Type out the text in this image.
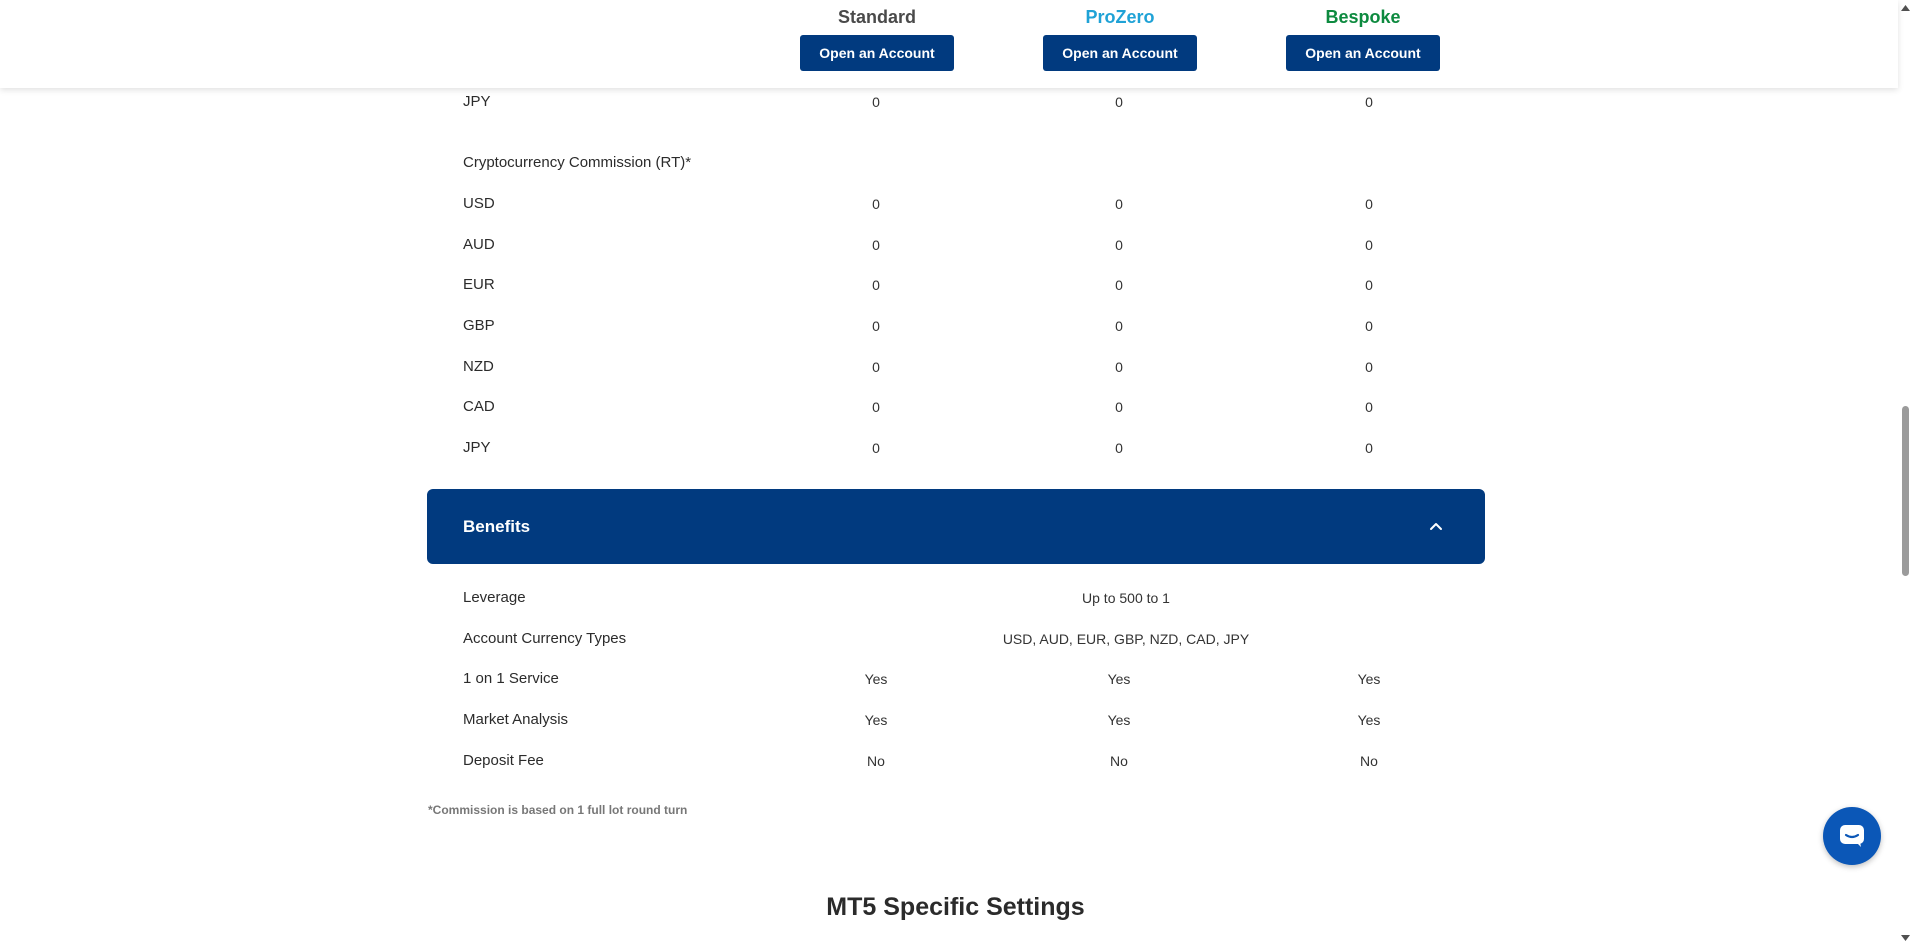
Standard
Open an Account
ProZero
Open an Account
Bespoke
Open an Account
JPY	0	0	0
Cryptocurrency Commission (RT)*
USD	0	0	0
AUD	0	0	0
EUR	0	0	0
GBP	0	0	0
NZD	0	0	0
CAD	0	0	0
JPY	0	0	0
Benefits
Leverage	Up to 500 to 1
Account Currency Types	USD, AUD, EUR, GBP, NZD, CAD, JPY
1 on 1 Service	Yes	Yes	Yes
Market Analysis	Yes	Yes	Yes
Deposit Fee	No	No	No
*Commission is based on 1 full lot round turn
MT5 Specific Settings
